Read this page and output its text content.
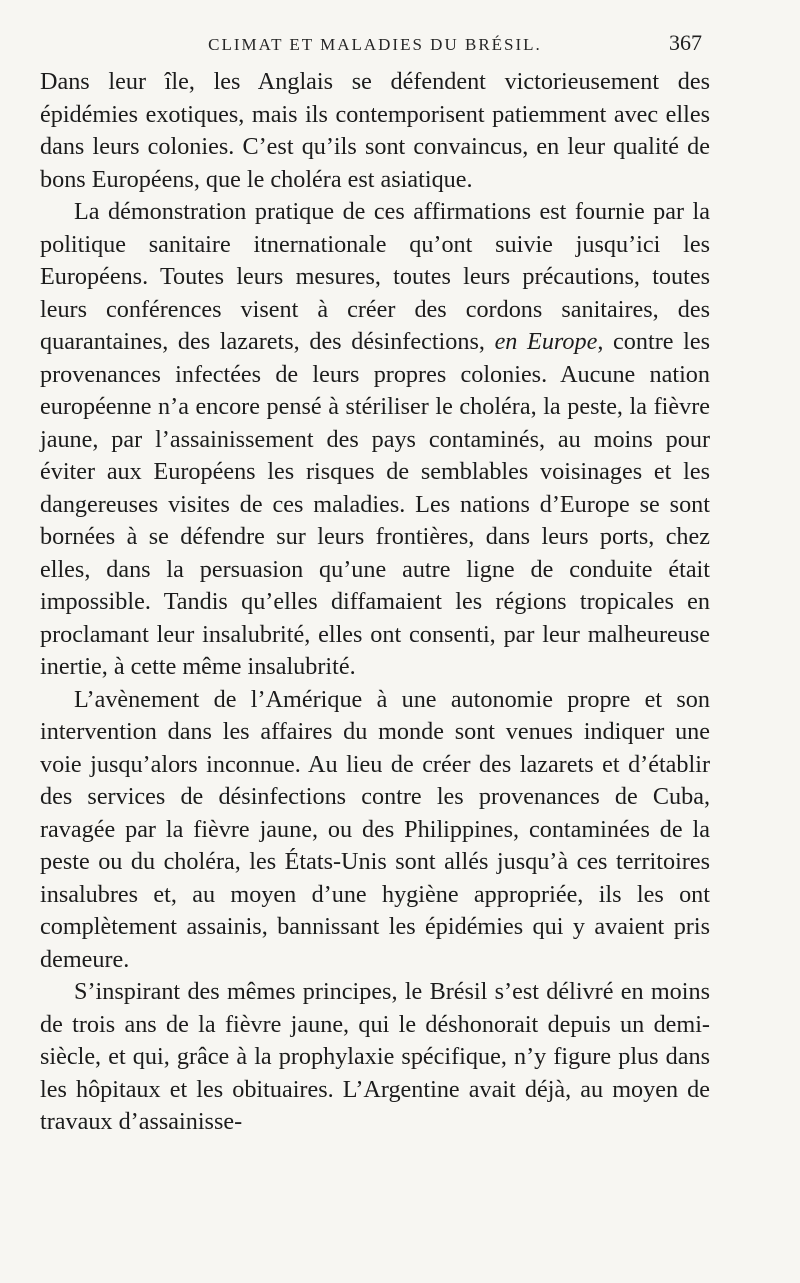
CLIMAT ET MALADIES DU BRÉSIL.	367

Dans leur île, les Anglais se défendent victorieusement des épidémies exotiques, mais ils contemporisent patiemment avec elles dans leurs colonies. C’est qu’ils sont convaincus, en leur qualité de bons Européens, que le choléra est asiatique.

La démonstration pratique de ces affirmations est fournie par la politique sanitaire itnernationale qu’ont suivie jusqu’ici les Européens. Toutes leurs mesures, toutes leurs précautions, toutes leurs conférences visent à créer des cordons sanitaires, des quarantaines, des lazarets, des désinfections, en Europe, contre les provenances infectées de leurs propres colonies. Aucune nation européenne n’a encore pensé à stériliser le choléra, la peste, la fièvre jaune, par l’assainissement des pays contaminés, au moins pour éviter aux Européens les risques de semblables voisinages et les dangereuses visites de ces maladies. Les nations d’Europe se sont bornées à se défendre sur leurs frontières, dans leurs ports, chez elles, dans la persuasion qu’une autre ligne de conduite était impossible. Tandis qu’elles diffamaient les régions tropicales en proclamant leur insalubrité, elles ont consenti, par leur malheureuse inertie, à cette même insalubrité.

L’avènement de l’Amérique à une autonomie propre et son intervention dans les affaires du monde sont venues indiquer une voie jusqu’alors inconnue. Au lieu de créer des lazarets et d’établir des services de désinfections contre les provenances de Cuba, ravagée par la fièvre jaune, ou des Philippines, contaminées de la peste ou du choléra, les États-Unis sont allés jusqu’à ces territoires insalubres et, au moyen d’une hygiène appropriée, ils les ont complètement assainis, bannissant les épidémies qui y avaient pris demeure.

S’inspirant des mêmes principes, le Brésil s’est délivré en moins de trois ans de la fièvre jaune, qui le déshonorait depuis un demi-siècle, et qui, grâce à la prophylaxie spécifique, n’y figure plus dans les hôpitaux et les obituaires. L’Argentine avait déjà, au moyen de travaux d’assainisse-
